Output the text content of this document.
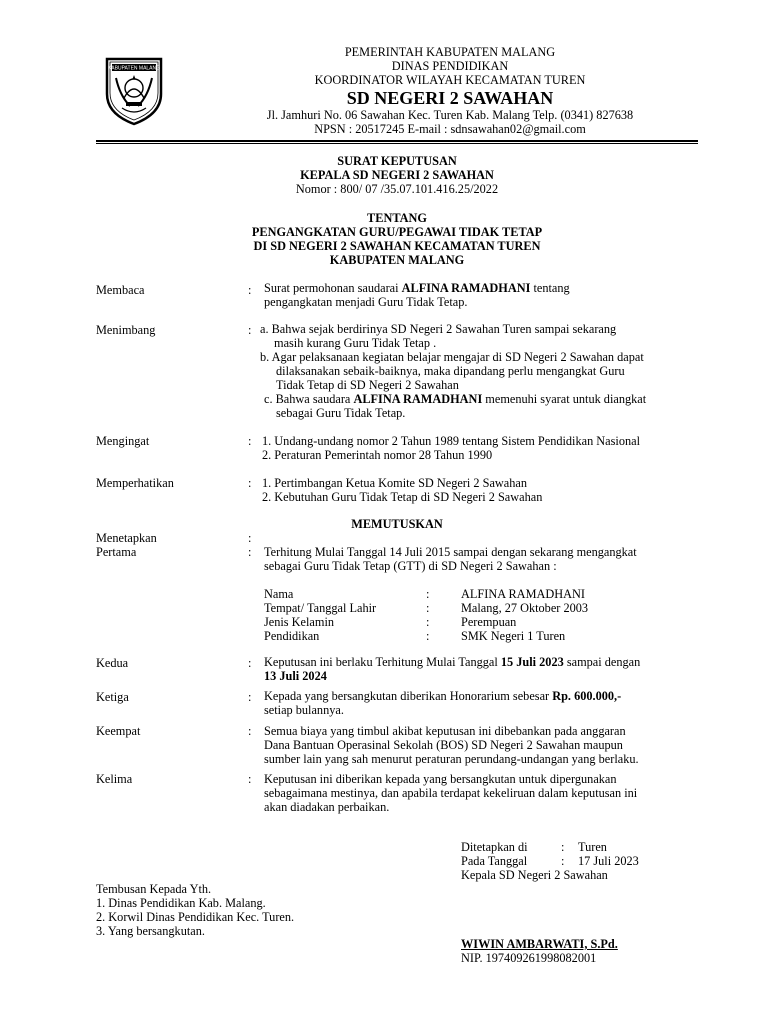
KABUPATEN MALANG
PEMERINTAH KABUPATEN MALANG
DINAS PENDIDIKAN
KOORDINATOR WILAYAH KECAMATAN TUREN
SD NEGERI 2 SAWAHAN
Jl. Jamhuri No. 06 Sawahan Kec. Turen Kab. Malang Telp. (0341) 827638
NPSN : 20517245 E-mail : sdnsawahan02@gmail.com
SURAT KEPUTUSAN
KEPALA SD NEGERI 2 SAWAHAN
Nomor : 800/ 07 /35.07.101.416.25/2022
TENTANG
PENGANGKATAN GURU/PEGAWAI TIDAK TETAP
DI SD NEGERI 2 SAWAHAN KECAMATAN TUREN
KABUPATEN MALANG
Membaca	: Surat permohonan saudarai ALFINA RAMADHANI tentang
pengangkatan menjadi Guru Tidak Tetap.
Menimbang	: a. Bahwa sejak berdirinya SD Negeri 2 Sawahan Turen sampai sekarang
masih kurang Guru Tidak Tetap .
b. Agar pelaksanaan kegiatan belajar mengajar di SD Negeri 2 Sawahan dapat
dilaksanakan sebaik-baiknya, maka dipandang perlu mengangkat Guru
Tidak Tetap di SD Negeri 2 Sawahan
c. Bahwa saudara ALFINA RAMADHANI memenuhi syarat untuk diangkat
sebagai Guru Tidak Tetap.
Mengingat	: 1. Undang-undang nomor 2 Tahun 1989 tentang Sistem Pendidikan Nasional
2. Peraturan Pemerintah nomor 28 Tahun 1990
Memperhatikan	: 1. Pertimbangan Ketua Komite SD Negeri 2 Sawahan
2. Kebutuhan Guru Tidak Tetap di SD Negeri 2 Sawahan
MEMUTUSKAN
Menetapkan	:
Pertama	: Terhitung Mulai Tanggal 14 Juli 2015 sampai dengan sekarang mengangkat
sebagai Guru Tidak Tetap (GTT) di SD Negeri 2 Sawahan :
Nama	:	ALFINA RAMADHANI
Tempat/ Tanggal Lahir	:	Malang, 27 Oktober 2003
Jenis Kelamin	:	Perempuan
Pendidikan	:	SMK Negeri 1 Turen
Kedua	: Keputusan ini berlaku Terhitung Mulai Tanggal 15 Juli 2023 sampai dengan
13 Juli 2024
Ketiga	: Kepada yang bersangkutan diberikan Honorarium sebesar Rp. 600.000,-
setiap bulannya.
Keempat	: Semua biaya yang timbul akibat keputusan ini dibebankan pada anggaran
Dana Bantuan Operasinal Sekolah (BOS) SD Negeri 2 Sawahan maupun
sumber lain yang sah menurut peraturan perundang-undangan yang berlaku.
Kelima	: Keputusan ini diberikan kepada yang bersangkutan untuk dipergunakan
sebagaimana mestinya, dan apabila terdapat kekeliruan dalam keputusan ini
akan diadakan perbaikan.
Ditetapkan di	: Turen
Pada Tanggal	: 17 Juli 2023
Kepala SD Negeri 2 Sawahan
WIWIN AMBARWATI, S.Pd.
NIP. 197409261998082001
Tembusan Kepada Yth.
1. Dinas Pendidikan Kab. Malang.
2. Korwil Dinas Pendidikan Kec. Turen.
3. Yang bersangkutan.
